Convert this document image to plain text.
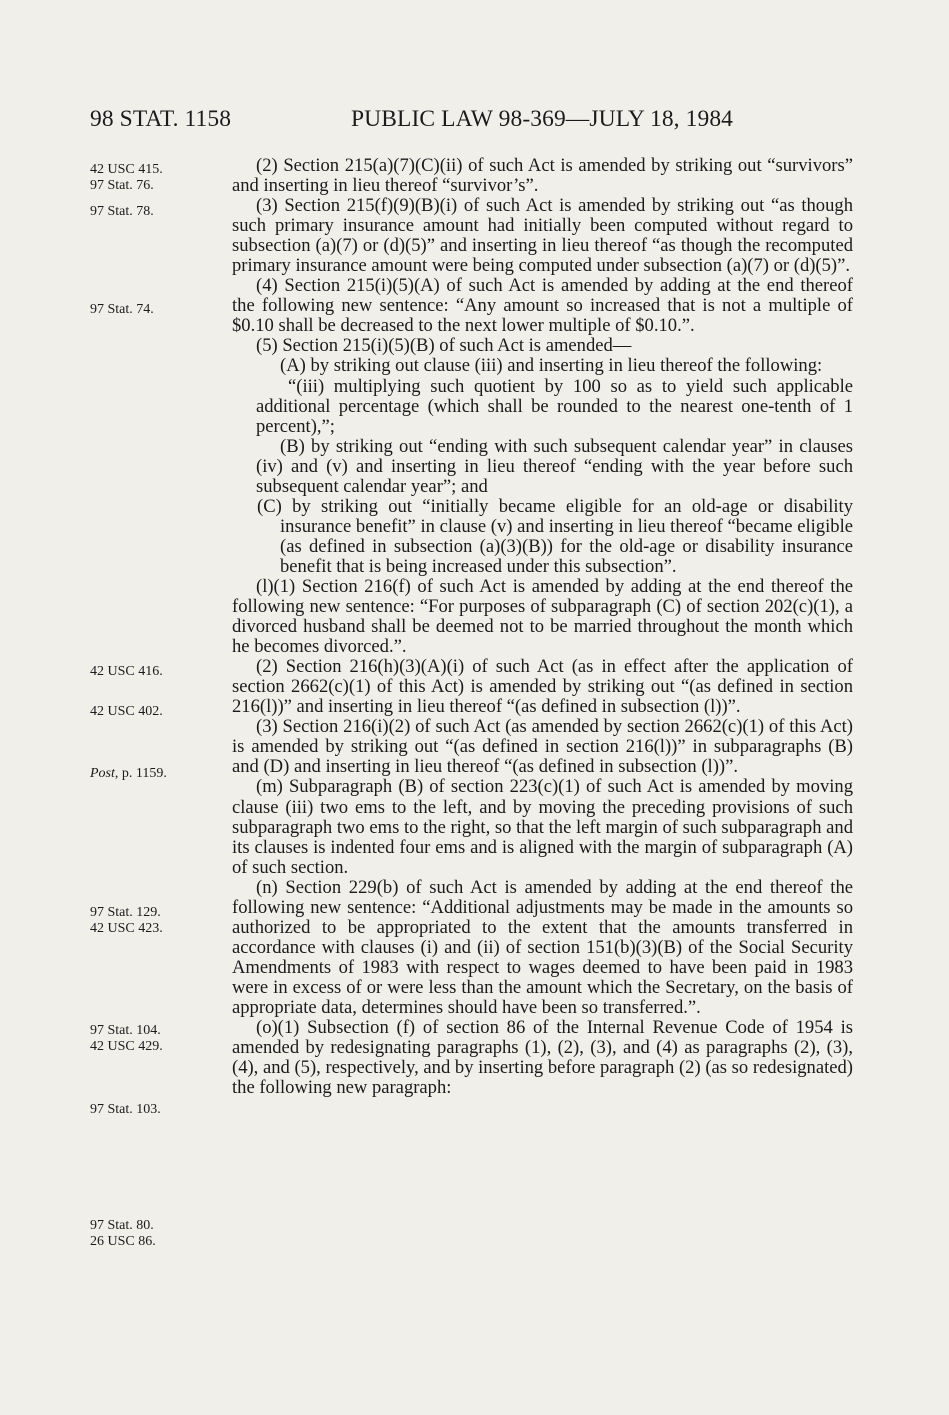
98 STAT. 1158	PUBLIC LAW 98-369—JULY 18, 1984
42 USC 415.
97 Stat. 76.
97 Stat. 78.
97 Stat. 74.
42 USC 416.
42 USC 402.
Post, p. 1159.
97 Stat. 129.
42 USC 423.
97 Stat. 104.
42 USC 429.
97 Stat. 103.
97 Stat. 80.
26 USC 86.

(2) Section 215(a)(7)(C)(ii) of such Act is amended by striking out “survivors” and inserting in lieu thereof “survivor’s”.

(3) Section 215(f)(9)(B)(i) of such Act is amended by striking out “as though such primary insurance amount had initially been computed without regard to subsection (a)(7) or (d)(5)” and inserting in lieu thereof “as though the recomputed primary insurance amount were being computed under subsection (a)(7) or (d)(5)”.

(4) Section 215(i)(5)(A) of such Act is amended by adding at the end thereof the following new sentence: “Any amount so increased that is not a multiple of $0.10 shall be decreased to the next lower multiple of $0.10.”.

(5) Section 215(i)(5)(B) of such Act is amended—

(A) by striking out clause (iii) and inserting in lieu thereof the following:

“(iii) multiplying such quotient by 100 so as to yield such applicable additional percentage (which shall be rounded to the nearest one-tenth of 1 percent),”;

(B) by striking out “ending with such subsequent calendar year” in clauses (iv) and (v) and inserting in lieu thereof “ending with the year before such subsequent calendar year”; and

(C) by striking out “initially became eligible for an old-age or disability insurance benefit” in clause (v) and inserting in lieu thereof “became eligible (as defined in subsection (a)(3)(B)) for the old-age or disability insurance benefit that is being increased under this subsection”.

(l)(1) Section 216(f) of such Act is amended by adding at the end thereof the following new sentence: “For purposes of subparagraph (C) of section 202(c)(1), a divorced husband shall be deemed not to be married throughout the month which he becomes divorced.”.

(2) Section 216(h)(3)(A)(i) of such Act (as in effect after the application of section 2662(c)(1) of this Act) is amended by striking out “(as defined in section 216(l))” and inserting in lieu thereof “(as defined in subsection (l))”.

(3) Section 216(i)(2) of such Act (as amended by section 2662(c)(1) of this Act) is amended by striking out “(as defined in section 216(l))” in subparagraphs (B) and (D) and inserting in lieu thereof “(as defined in subsection (l))”.

(m) Subparagraph (B) of section 223(c)(1) of such Act is amended by moving clause (iii) two ems to the left, and by moving the preceding provisions of such subparagraph two ems to the right, so that the left margin of such subparagraph and its clauses is indented four ems and is aligned with the margin of subparagraph (A) of such section.

(n) Section 229(b) of such Act is amended by adding at the end thereof the following new sentence: “Additional adjustments may be made in the amounts so authorized to be appropriated to the extent that the amounts transferred in accordance with clauses (i) and (ii) of section 151(b)(3)(B) of the Social Security Amendments of 1983 with respect to wages deemed to have been paid in 1983 were in excess of or were less than the amount which the Secretary, on the basis of appropriate data, determines should have been so transferred.”.

(o)(1) Subsection (f) of section 86 of the Internal Revenue Code of 1954 is amended by redesignating paragraphs (1), (2), (3), and (4) as paragraphs (2), (3), (4), and (5), respectively, and by inserting before paragraph (2) (as so redesignated) the following new paragraph:
